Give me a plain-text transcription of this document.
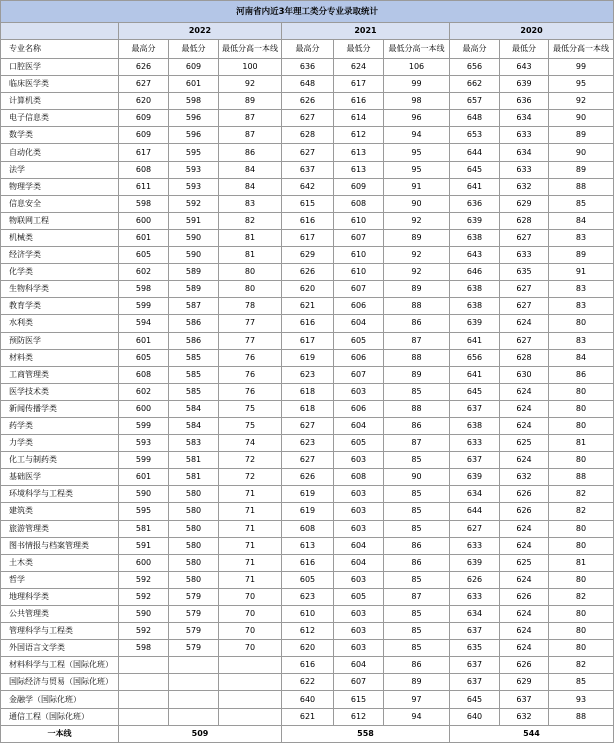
河南省内近3年理工类分专业录取统计									
	2022			2021			2020		
专业名称	最高分	最低分	最低分高一本线	最高分	最低分	最低分高一本线	最高分	最低分	最低分高一本线
口腔医学	626	609	100	636	624	106	656	643	99
临床医学类	627	601	92	648	617	99	662	639	95
计算机类	620	598	89	626	616	98	657	636	92
电子信息类	609	596	87	627	614	96	648	634	90
数学类	609	596	87	628	612	94	653	633	89
自动化类	617	595	86	627	613	95	644	634	90
法学	608	593	84	637	613	95	645	633	89
物理学类	611	593	84	642	609	91	641	632	88
信息安全	598	592	83	615	608	90	636	629	85
物联网工程	600	591	82	616	610	92	639	628	84
机械类	601	590	81	617	607	89	638	627	83
经济学类	605	590	81	629	610	92	643	633	89
化学类	602	589	80	626	610	92	646	635	91
生物科学类	598	589	80	620	607	89	638	627	83
教育学类	599	587	78	621	606	88	638	627	83
水利类	594	586	77	616	604	86	639	624	80
预防医学	601	586	77	617	605	87	641	627	83
材料类	605	585	76	619	606	88	656	628	84
工商管理类	608	585	76	623	607	89	641	630	86
医学技术类	602	585	76	618	603	85	645	624	80
新闻传播学类	600	584	75	618	606	88	637	624	80
药学类	599	584	75	627	604	86	638	624	80
力学类	593	583	74	623	605	87	633	625	81
化工与制药类	599	581	72	627	603	85	637	624	80
基础医学	601	581	72	626	608	90	639	632	88
环境科学与工程类	590	580	71	619	603	85	634	626	82
建筑类	595	580	71	619	603	85	644	626	82
旅游管理类	581	580	71	608	603	85	627	624	80
图书情报与档案管理类	591	580	71	613	604	86	633	624	80
土木类	600	580	71	616	604	86	639	625	81
哲学	592	580	71	605	603	85	626	624	80
地理科学类	592	579	70	623	605	87	633	626	82
公共管理类	590	579	70	610	603	85	634	624	80
管理科学与工程类	592	579	70	612	603	85	637	624	80
外国语言文学类	598	579	70	620	603	85	635	624	80
材料科学与工程（国际化班）				616	604	86	637	626	82
国际经济与贸易（国际化班）				622	607	89	637	629	85
金融学（国际化班）				640	615	97	645	637	93
通信工程（国际化班）				621	612	94	640	632	88
一本线	509			558			544		
